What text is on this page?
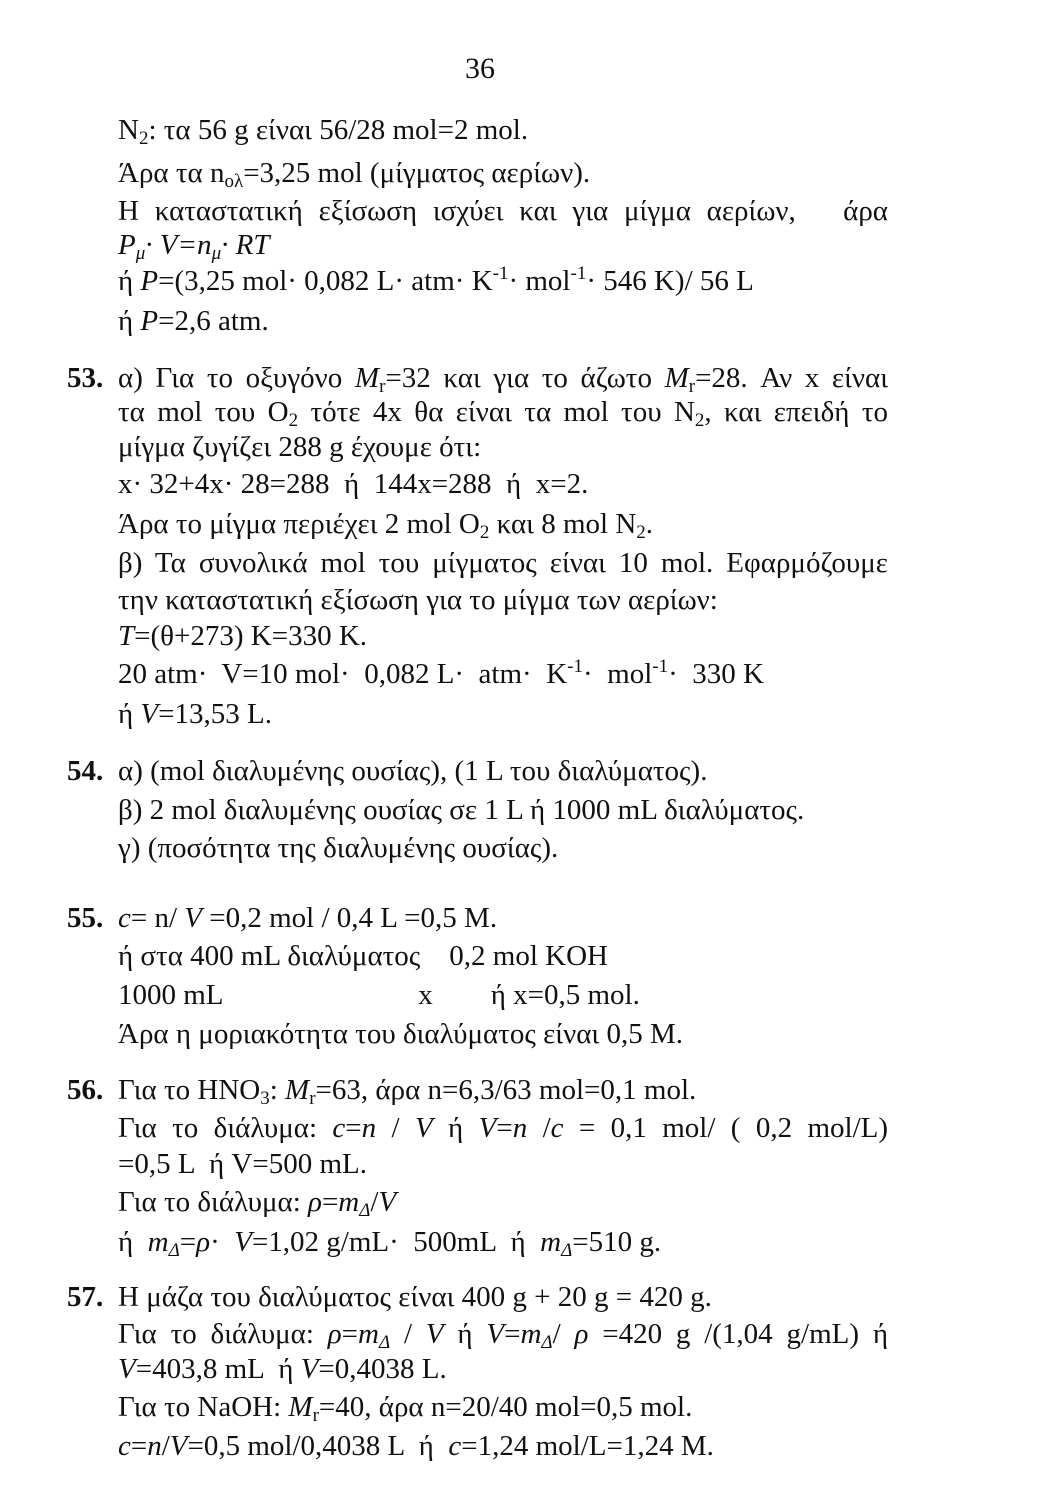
36
$N_2$: τα 56 g είναι 56/28 mol=2 mol.
Άρα τα $n_{o\lambda}=3,25$ mol (μίγματος αερίων).
Η καταστατική εξίσωση ισχύει και για μίγμα αερίων,   άρα
$P_\mu\cdot V=n_\mu\cdot$ RT
ή P=(3,25 mol· 0,082 $L\cdot atm\cdot K^{-1}\cdot mol^{-1}\cdot 546$ K)/ 56 L
ή P=2,6 atm.
53. α) Για το οξυγόνο $M_r=32$ και για το άζωτο $M_r=28$. Αν x είναι
τα mol του $O_2$ τότε 4x θα είναι τα mol του $N_2$, και επειδή το
μίγμα ζυγίζει 288 g έχουμε ότι:
x· 32+4x· 28=288  ή  144x=288  ή  x=2.
Άρα το μίγμα περιέχει 2 mol $O_2$ και 8 mol $N_2$.
β) Τα συνολικά mol του μίγματος είναι 10 mol. Εφαρμόζουμε
την καταστατική εξίσωση για το μίγμα των αερίων:
T=(θ+273) K=330 K.
20 atm·  V=10 mol·  0,082 $L\cdot atm\cdot K^{-1}\cdot mol^{-1}\cdot 330$ K
ή V=13,53 L.
54. α) (mol διαλυμένης ουσίας), (1 L του διαλύματος).
β) 2 mol διαλυμένης ουσίας σε 1 L ή 1000 mL διαλύματος.
γ) (ποσότητα της διαλυμένης ουσίας).
55. c= n/ V =0,2 mol / 0,4 L =0,5 M.
ή στα 400 mL διαλύματος    0,2 mol KOH
1000 mL                           x        ή x=0,5 mol.
Άρα η μοριακότητα του διαλύματος είναι 0,5 M.
56. Για το $HNO_3$: $M_r=63$, άρα n=6,3/63 mol=0,1 mol.
Για το διάλυμα: c=n / V ή V=n /c = 0,1 mol/ ( 0,2 mol/L)
=0,5 L  ή V=500 mL.
Για το διάλυμα: $\rho=m_\Delta/V$
ή  $m_\Delta=\rho\cdot V=1,02$ g/mL·  500mL  ή  $m_\Delta=510$ g.
57. Η μάζα του διαλύματος είναι 400 g + 20 g = 420 g.
Για το διάλυμα: $\rho=m_\Delta / V$ ή $V=m_\Delta/$ ρ =420 g /(1,04 g/mL) ή
V=403,8 mL  ή V=0,4038 L.
Για το NaOH: $M_r=40$, άρα n=20/40 mol=0,5 mol.
c=n/V=0,5 mol/0,4038 L  ή  c=1,24 mol/L=1,24 M.
